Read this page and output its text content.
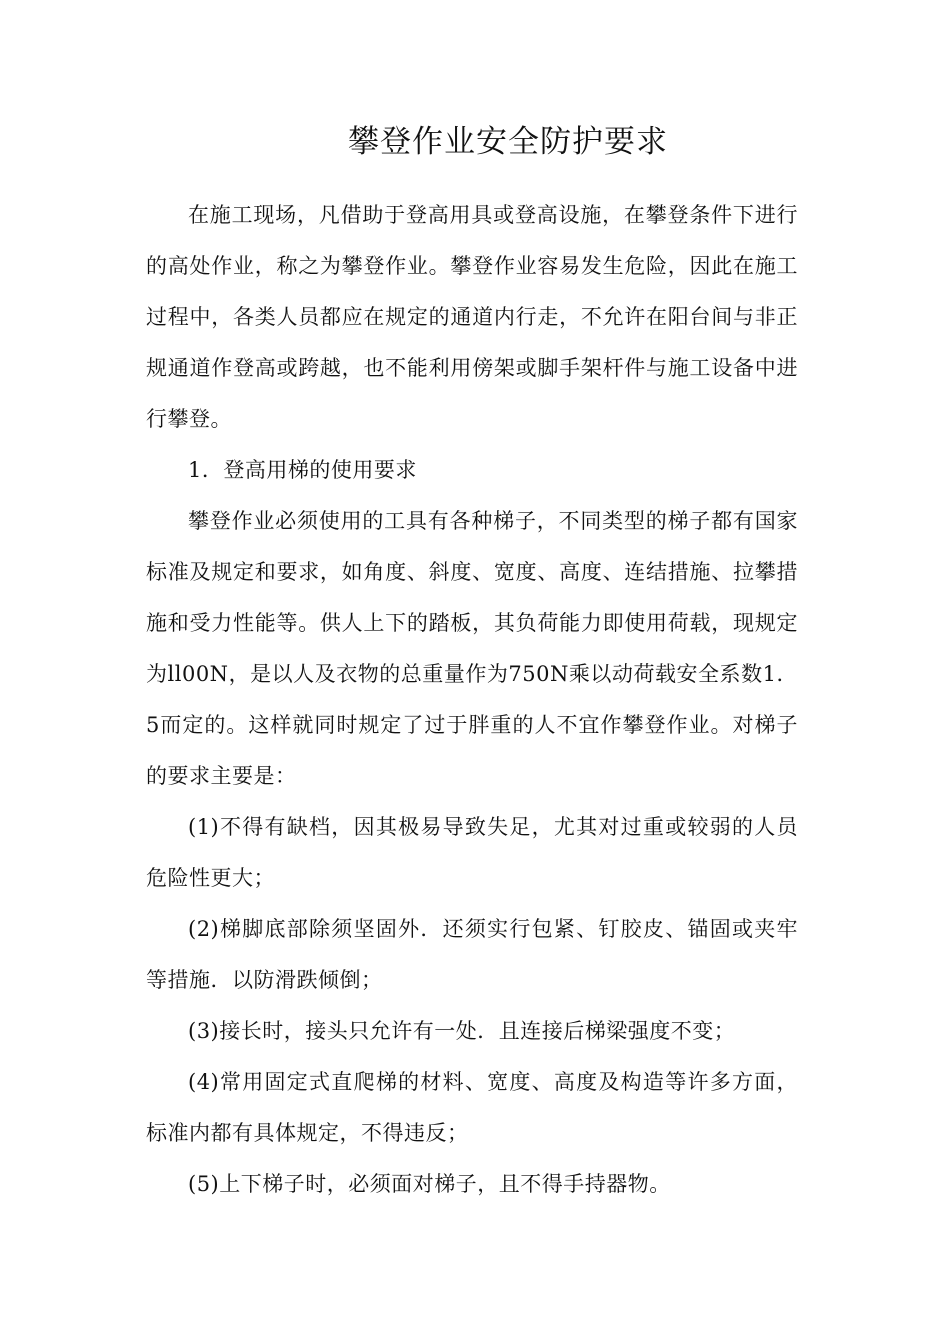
攀登作业安全防护要求

在施工现场，凡借助于登高用具或登高设施，在攀登条件下进行的高处作业，称之为攀登作业。攀登作业容易发生危险，因此在施工过程中，各类人员都应在规定的通道内行走，不允许在阳台间与非正规通道作登高或跨越，也不能利用傍架或脚手架杆件与施工设备中进行攀登。

1．登高用梯的使用要求

攀登作业必须使用的工具有各种梯子，不同类型的梯子都有国家标准及规定和要求，如角度、斜度、宽度、高度、连结措施、拉攀措施和受力性能等。供人上下的踏板，其负荷能力即使用荷载，现规定为ll00N，是以人及衣物的总重量作为750N乘以动荷载安全系数1．5而定的。这样就同时规定了过于胖重的人不宜作攀登作业。对梯子的要求主要是：

(1)不得有缺档，因其极易导致失足，尤其对过重或较弱的人员危险性更大；

(2)梯脚底部除须坚固外．还须实行包紧、钉胶皮、锚固或夹牢等措施．以防滑跌倾倒；

(3)接长时，接头只允许有一处．且连接后梯梁强度不变；

(4)常用固定式直爬梯的材料、宽度、高度及构造等许多方面，标准内都有具体规定，不得违反；

(5)上下梯子时，必须面对梯子，且不得手持器物。
